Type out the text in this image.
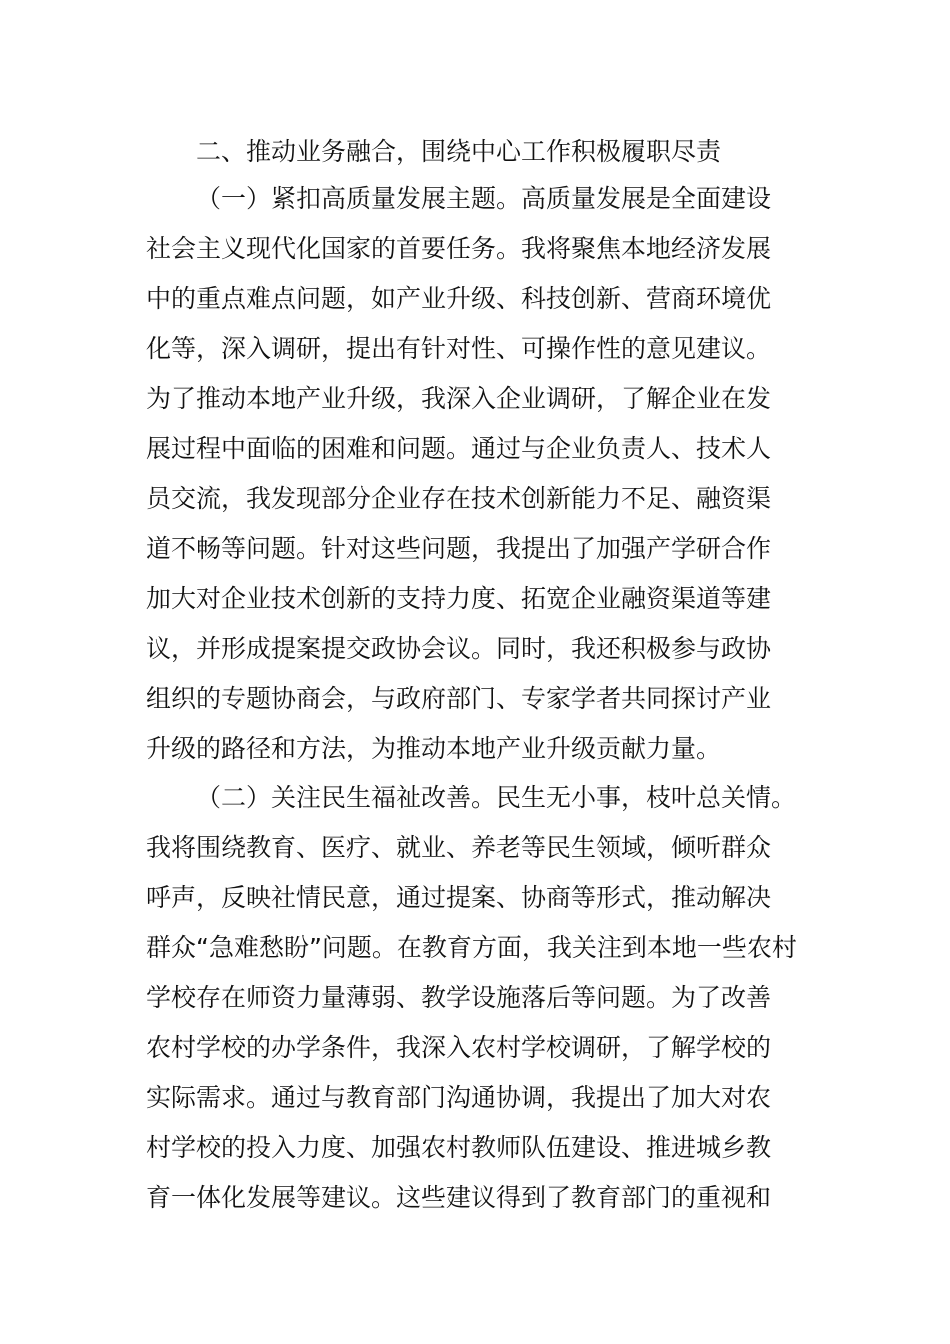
二、推动业务融合，围绕中心工作积极履职尽责
（一）紧扣高质量发展主题。高质量发展是全面建设
社会主义现代化国家的首要任务。我将聚焦本地经济发展
中的重点难点问题，如产业升级、科技创新、营商环境优
化等，深入调研，提出有针对性、可操作性的意见建议。
为了推动本地产业升级，我深入企业调研，了解企业在发
展过程中面临的困难和问题。通过与企业负责人、技术人
员交流，我发现部分企业存在技术创新能力不足、融资渠
道不畅等问题。针对这些问题，我提出了加强产学研合作
加大对企业技术创新的支持力度、拓宽企业融资渠道等建
议，并形成提案提交政协会议。同时，我还积极参与政协
组织的专题协商会，与政府部门、专家学者共同探讨产业
升级的路径和方法，为推动本地产业升级贡献力量。
（二）关注民生福祉改善。民生无小事，枝叶总关情。
我将围绕教育、医疗、就业、养老等民生领域，倾听群众
呼声，反映社情民意，通过提案、协商等形式，推动解决
群众“急难愁盼”问题。在教育方面，我关注到本地一些农村
学校存在师资力量薄弱、教学设施落后等问题。为了改善
农村学校的办学条件，我深入农村学校调研，了解学校的
实际需求。通过与教育部门沟通协调，我提出了加大对农
村学校的投入力度、加强农村教师队伍建设、推进城乡教
育一体化发展等建议。这些建议得到了教育部门的重视和
